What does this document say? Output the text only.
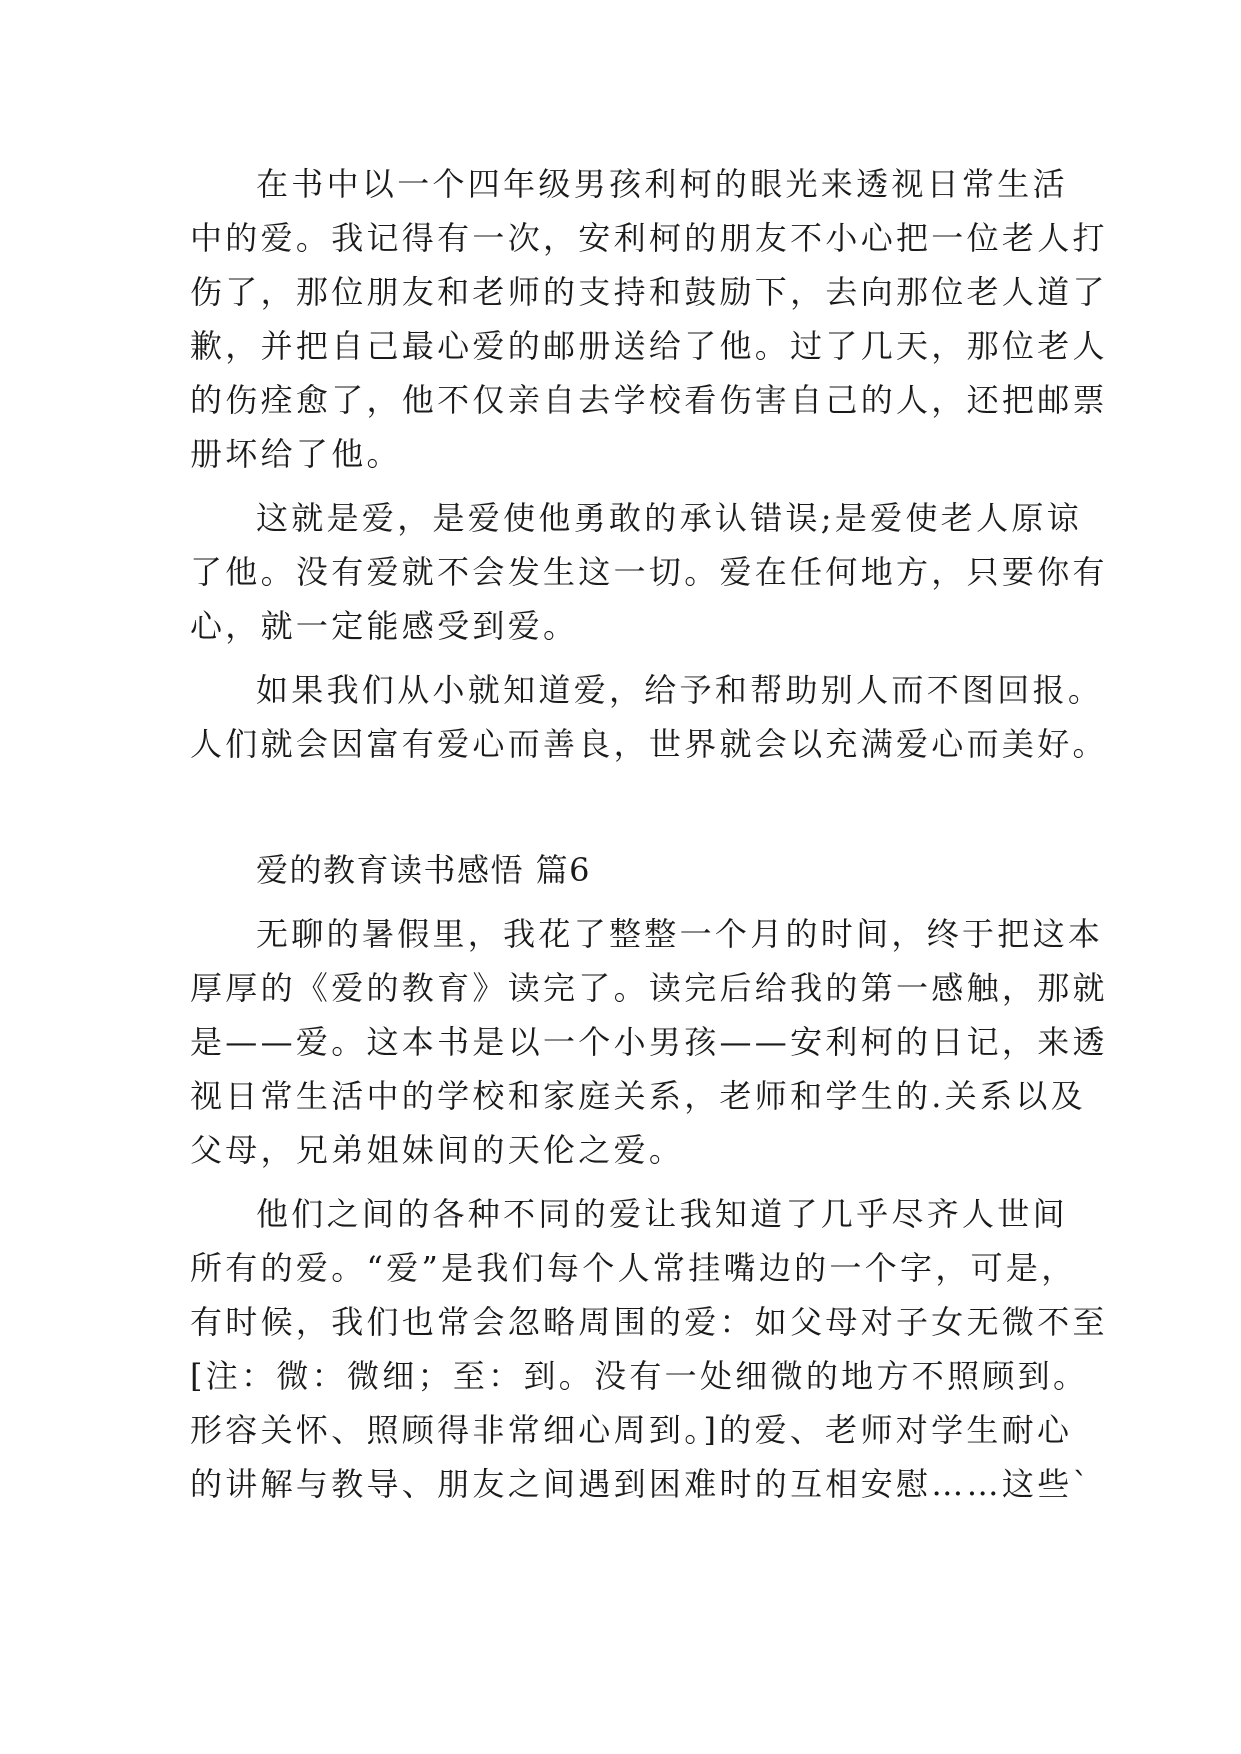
在书中以一个四年级男孩利柯的眼光来透视日常生活

中的爱。我记得有一次，安利柯的朋友不小心把一位老人打

伤了，那位朋友和老师的支持和鼓励下，去向那位老人道了

歉，并把自己最心爱的邮册送给了他。过了几天，那位老人

的伤痊愈了，他不仅亲自去学校看伤害自己的人，还把邮票

册坏给了他。

这就是爱，是爱使他勇敢的承认错误;是爱使老人原谅

了他。没有爱就不会发生这一切。爱在任何地方，只要你有

心，就一定能感受到爱。

如果我们从小就知道爱，给予和帮助别人而不图回报。

人们就会因富有爱心而善良，世界就会以充满爱心而美好。

爱的教育读书感悟 篇6

无聊的暑假里，我花了整整一个月的时间，终于把这本

厚厚的《爱的教育》读完了。读完后给我的第一感触，那就

是——爱。这本书是以一个小男孩——安利柯的日记，来透

视日常生活中的学校和家庭关系，老师和学生的.关系以及

父母，兄弟姐妹间的天伦之爱。

他们之间的各种不同的爱让我知道了几乎尽齐人世间

所有的爱。“爱”是我们每个人常挂嘴边的一个字，可是，

有时候，我们也常会忽略周围的爱：如父母对子女无微不至

[注：微：微细；至：到。没有一处细微的地方不照顾到。

形容关怀、照顾得非常细心周到。]的爱、老师对学生耐心

的讲解与教导、朋友之间遇到困难时的互相安慰……这些`
